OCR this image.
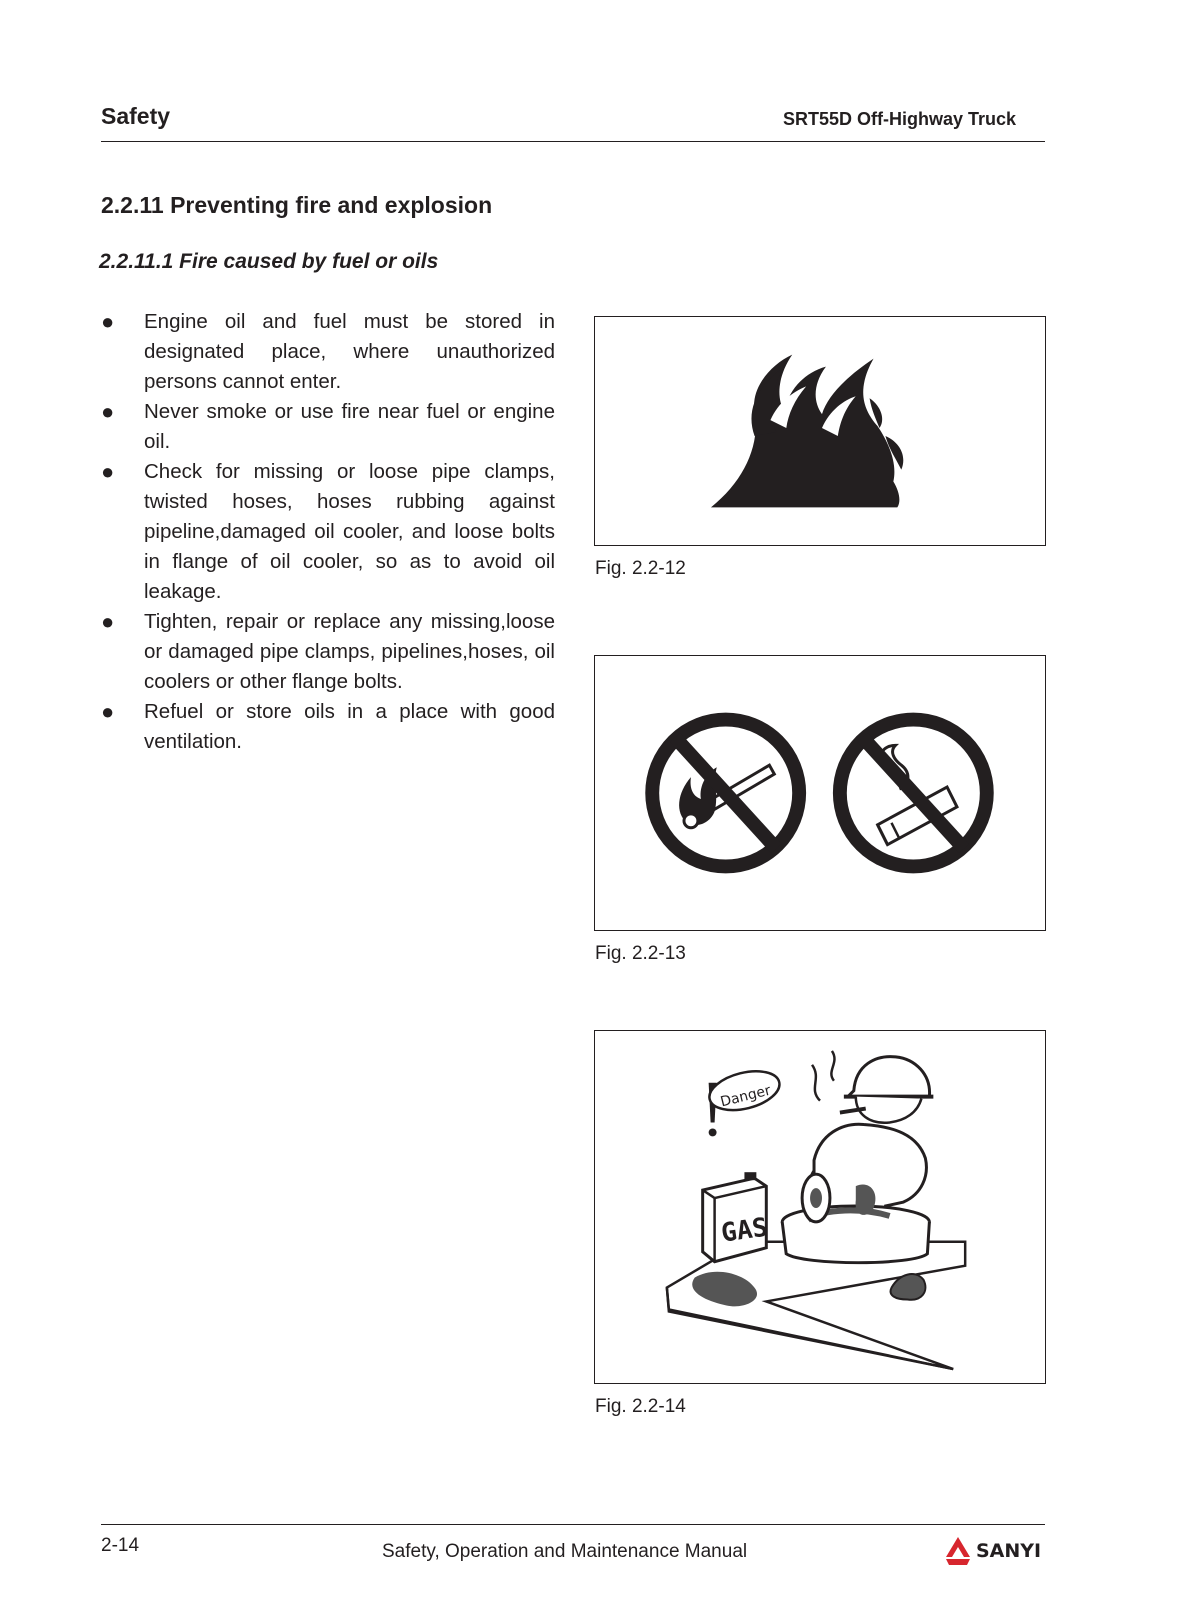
Safety	SRT55D Off-Highway Truck
2.2.11 Preventing fire and explosion
2.2.11.1 Fire caused by fuel or oils
● Engine oil and fuel must be stored in designated place, where unauthorized persons cannot enter.
● Never smoke or use fire near fuel or engine oil.
● Check for missing or loose pipe clamps, twisted hoses, hoses rubbing against pipeline,damaged oil cooler, and loose bolts in flange of oil cooler, so as to avoid oil leakage.
● Tighten, repair or replace any missing,loose or damaged pipe clamps, pipelines,hoses, oil coolers or other flange bolts.
● Refuel or store oils in a place with good ventilation.
Fig. 2.2-12
Fig. 2.2-13
GAS
Danger
Fig. 2.2-14
2-14	Safety, Operation and Maintenance Manual	SANYI
